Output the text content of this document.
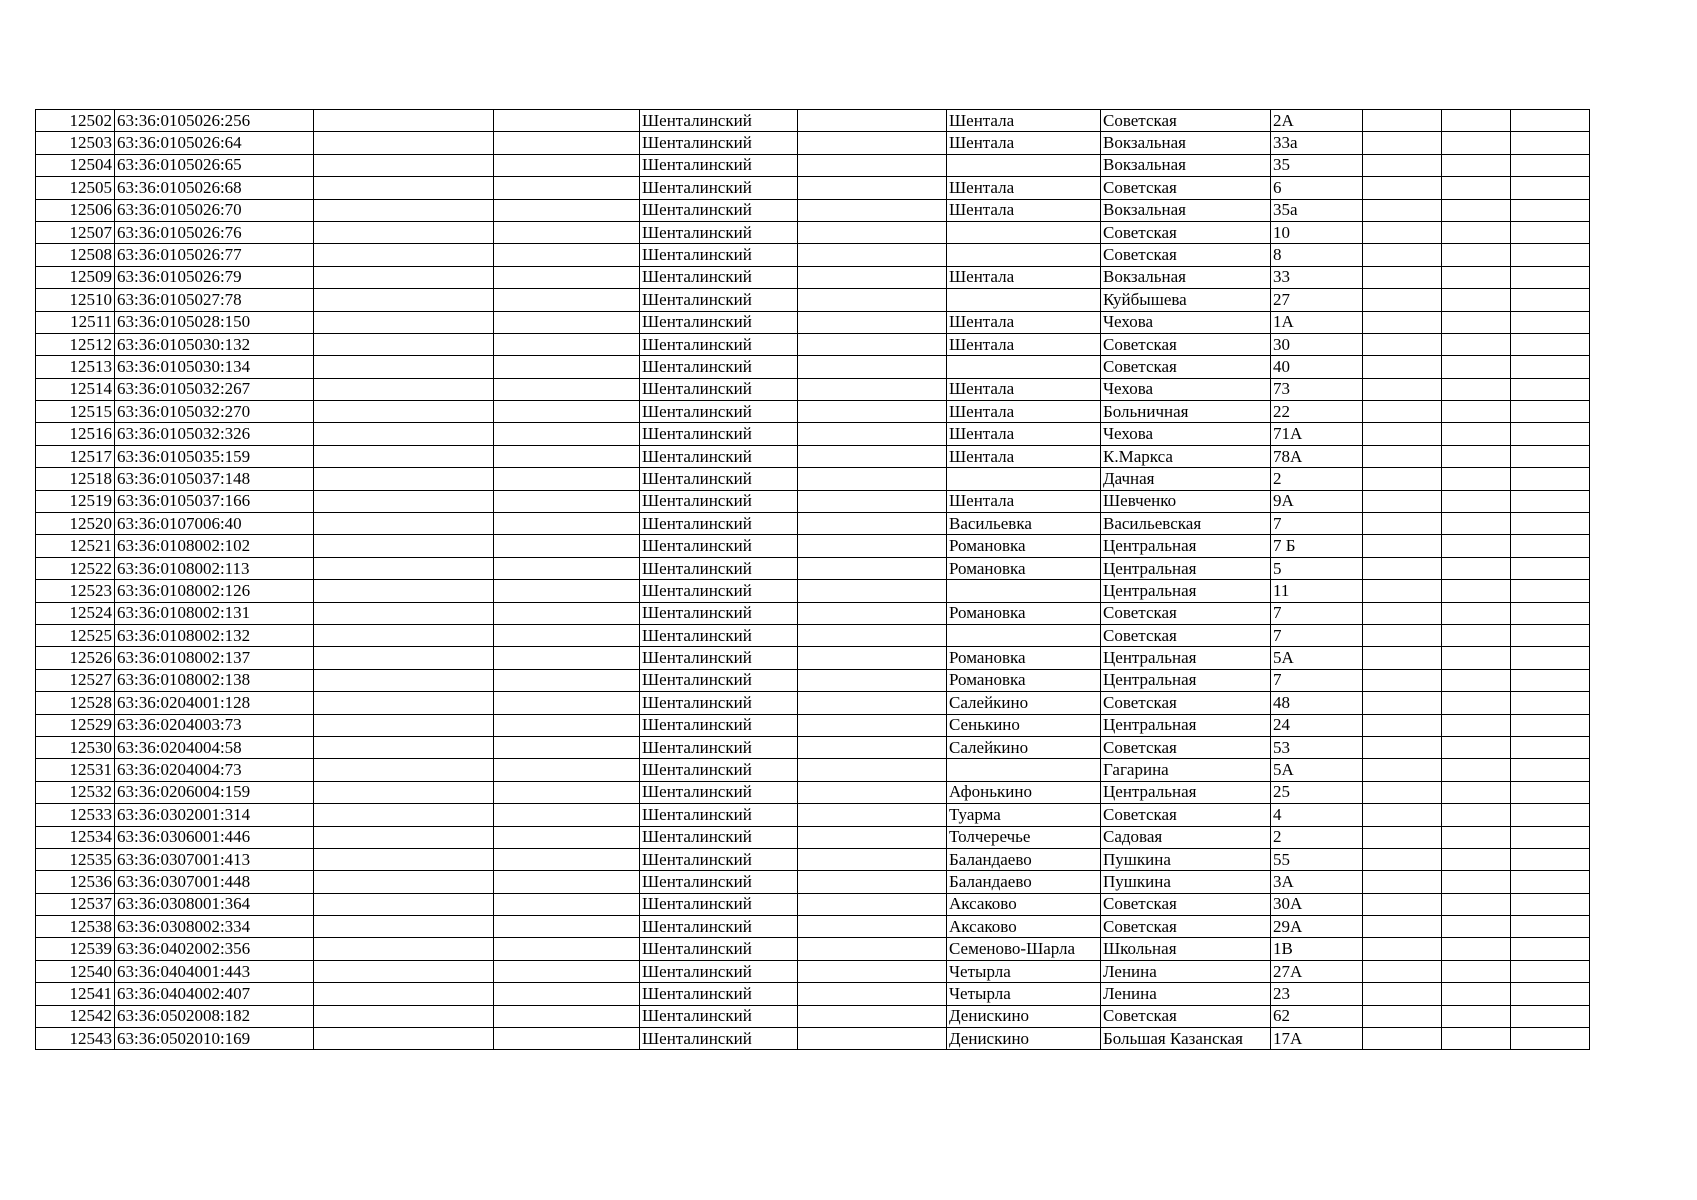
12502	63:36:0105026:256			Шенталинский		Шентала	Советская	2А			
12503	63:36:0105026:64			Шенталинский		Шентала	Вокзальная	33а			
12504	63:36:0105026:65			Шенталинский			Вокзальная	35			
12505	63:36:0105026:68			Шенталинский		Шентала	Советская	6			
12506	63:36:0105026:70			Шенталинский		Шентала	Вокзальная	35а			
12507	63:36:0105026:76			Шенталинский			Советская	10			
12508	63:36:0105026:77			Шенталинский			Советская	8			
12509	63:36:0105026:79			Шенталинский		Шентала	Вокзальная	33			
12510	63:36:0105027:78			Шенталинский			Куйбышева	27			
12511	63:36:0105028:150			Шенталинский		Шентала	Чехова	1А			
12512	63:36:0105030:132			Шенталинский		Шентала	Советская	30			
12513	63:36:0105030:134			Шенталинский			Советская	40			
12514	63:36:0105032:267			Шенталинский		Шентала	Чехова	73			
12515	63:36:0105032:270			Шенталинский		Шентала	Больничная	22			
12516	63:36:0105032:326			Шенталинский		Шентала	Чехова	71А			
12517	63:36:0105035:159			Шенталинский		Шентала	К.Маркса	78А			
12518	63:36:0105037:148			Шенталинский			Дачная	2			
12519	63:36:0105037:166			Шенталинский		Шентала	Шевченко	9А			
12520	63:36:0107006:40			Шенталинский		Васильевка	Васильевская	7			
12521	63:36:0108002:102			Шенталинский		Романовка	Центральная	7 Б			
12522	63:36:0108002:113			Шенталинский		Романовка	Центральная	5			
12523	63:36:0108002:126			Шенталинский			Центральная	11			
12524	63:36:0108002:131			Шенталинский		Романовка	Советская	7			
12525	63:36:0108002:132			Шенталинский			Советская	7			
12526	63:36:0108002:137			Шенталинский		Романовка	Центральная	5А			
12527	63:36:0108002:138			Шенталинский		Романовка	Центральная	7			
12528	63:36:0204001:128			Шенталинский		Салейкино	Советская	48			
12529	63:36:0204003:73			Шенталинский		Сенькино	Центральная	24			
12530	63:36:0204004:58			Шенталинский		Салейкино	Советская	53			
12531	63:36:0204004:73			Шенталинский			Гагарина	5А			
12532	63:36:0206004:159			Шенталинский		Афонькино	Центральная	25			
12533	63:36:0302001:314			Шенталинский		Туарма	Советская	4			
12534	63:36:0306001:446			Шенталинский		Толчеречье	Садовая	2			
12535	63:36:0307001:413			Шенталинский		Баландаево	Пушкина	55			
12536	63:36:0307001:448			Шенталинский		Баландаево	Пушкина	3А			
12537	63:36:0308001:364			Шенталинский		Аксаково	Советская	30А			
12538	63:36:0308002:334			Шенталинский		Аксаково	Советская	29А			
12539	63:36:0402002:356			Шенталинский		Семеново-Шарла	Школьная	1В			
12540	63:36:0404001:443			Шенталинский		Четырла	Ленина	27А			
12541	63:36:0404002:407			Шенталинский		Четырла	Ленина	23			
12542	63:36:0502008:182			Шенталинский		Денискино	Советская	62			
12543	63:36:0502010:169			Шенталинский		Денискино	Большая Казанская	17А			
